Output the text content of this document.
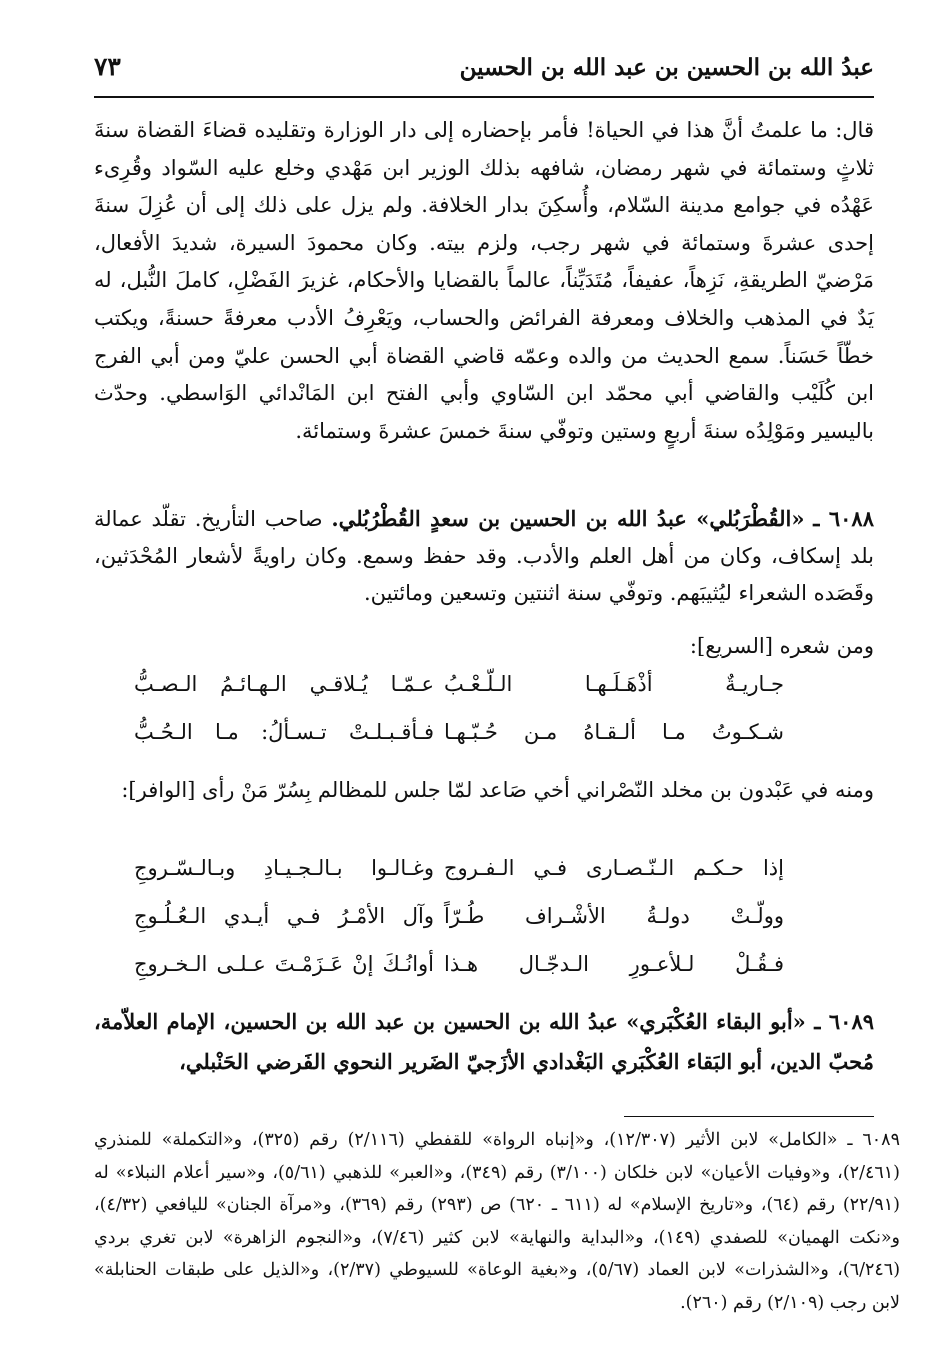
عبدُ الله بن الحسين بن عبد الله بن الحسين
٧٣

قال: ما علمتُ أنَّ هذا في الحياة! فأمر بإحضاره إلى دار الوزارة وتقليده قضاءَ القضاة سنةَ ثلاثٍ وستمائة في شهر رمضان، شافهه بذلك الوزير ابن مَهْدي وخلع عليه السّواد وقُرِىء عَهْدُه في جوامع مدينة السّلام، وأُسكِنَ بدار الخلافة. ولم يزل على ذلك إلى أن عُزِلَ سنةَ إحدى عشرةَ وستمائة في شهر رجب، ولزم بيته. وكان محمودَ السيرة، شديدَ الأفعال، مَرْضيّ الطريقةِ، نَزِهاً، عفيفاً، مُتَدَيِّناً، عالماً بالقضايا والأحكام، غزيرَ الفَضْلِ، كاملَ النُّبل، له يَدٌ في المذهب والخلاف ومعرفة الفرائض والحساب، ويَعْرِفُ الأدب معرفةً حسنةً، ويكتب خطّاً حَسَناً. سمع الحديث من والده وعمّه قاضي القضاة أبي الحسن عليّ ومن أبي الفرج ابن كُلَيْب والقاضي أبي محمّد ابن السّاوي وأبي الفتح ابن المَانْدائي الوَاسطي. وحدّث باليسير ومَوْلِدُه سنةَ أربعٍ وستين وتوفّي سنةَ خمسَ عشرةَ وستمائة.

٦٠٨٨ ـ «القُطْرَبُلي» عبدُ الله بن الحسين بن سعدٍ القُطْرُبُلي. صاحب التأريخ. تقلّد عمالة بلد إسكاف، وكان من أهل العلم والأدب. وقد حفظ وسمع. وكان راويةً لأشعار المُحْدَثين، وقَصَده الشعراء ليُثيبَهم. وتوفّي سنة اثنتين وتسعين ومائتين.

ومن شعره [السريع]:
جـاريـةٌ أذْهَـلَـهـا الـلّـعْـبُ
عـمّـا يُـلاقـي الـهـائـمُ الـصـبُّ
شـكـوتُ مـا ألـقـاهُ مـن حُـبّـهـا
فـأقـبـلـتْ تـسـألُ: مـا الـحُـبُّ

ومنه في عَبْدون بن مخلد النّصْراني أخي صَاعد لمّا جلس للمظالم بِسُرّ مَنْ رأى [الوافر]:

إذا حـكـم الـنّـصـارى فـي الـفـروج
وغـالـوا بـالـجـيـادِ وبـالـسّـروجِ
وولّـتْ دولـةُ الأشْـراف طُـرّاً
وآل الأمْـرُ فـي أيـدي الـعُـلُـوجِ
فـقُـلْ لـلأعـورِ الـدجّـال هـذا
أوانُـكَ إنْ عَـزَمْـتَ عـلـى الـخـروجِ

٦٠٨٩ ـ «أبو البقاء العُكْبَري» عبدُ الله بن الحسين بن عبد الله بن الحسين، الإمام العلاّمة، مُحبّ الدين، أبو البَقاء العُكْبَري البَغْدادي الأزَجيّ الضَرير النحوي الفَرضي الحَنْبلي،

٦٠٨٩ ـ «الكامل» لابن الأثير (١٢/٣٠٧)، و«إنباه الرواة» للقفطي (٢/١١٦) رقم (٣٢٥)، و«التكملة» للمنذري (٢/٤٦١)، و«وفيات الأعيان» لابن خلكان (٣/١٠٠) رقم (٣٤٩)، و«العبر» للذهبي (٥/٦١)، و«سير أعلام النبلاء» له (٢٢/٩١) رقم (٦٤)، و«تاريخ الإسلام» له (٦١١ ـ ٦٢٠) ص (٢٩٣) رقم (٣٦٩)، و«مرآة الجنان» لليافعي (٤/٣٢)، و«نكت الهميان» للصفدي (١٤٩)، و«البداية والنهاية» لابن كثير (٧/٤٦)، و«النجوم الزاهرة» لابن تغري بردي (٦/٢٤٦)، و«الشذرات» لابن العماد (٥/٦٧)، و«بغية الوعاة» للسيوطي (٢/٣٧)، و«الذيل على طبقات الحنابلة» لابن رجب (٢/١٠٩) رقم (٢٦٠).
